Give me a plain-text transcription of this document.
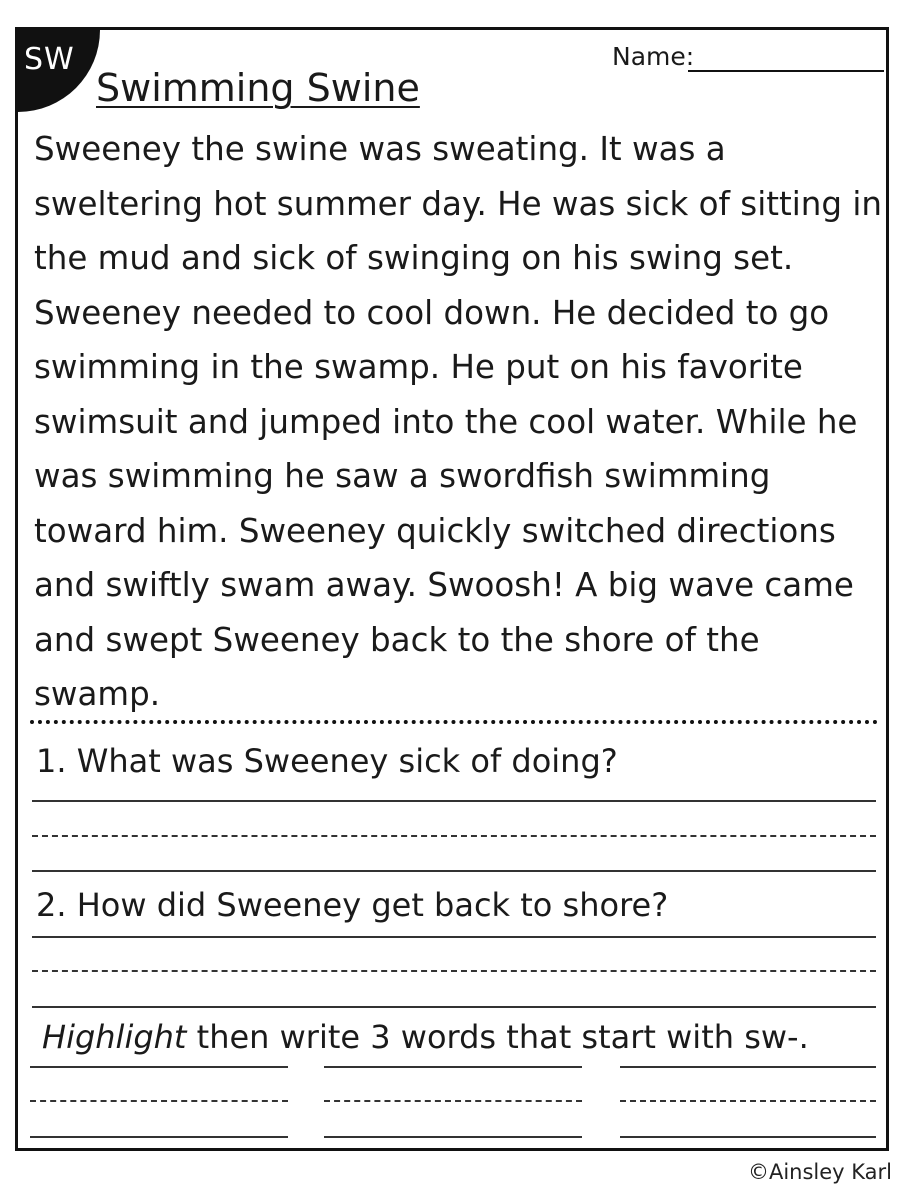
SW
Swimming Swine
Name:

Sweeney the swine was sweating. It was a sweltering hot summer day. He was sick of sitting in the mud and sick of swinging on his swing set. Sweeney needed to cool down. He decided to go swimming in the swamp. He put on his favorite swimsuit and jumped into the cool water. While he was swimming he saw a swordfish swimming toward him. Sweeney quickly switched directions and swiftly swam away. Swoosh! A big wave came and swept Sweeney back to the shore of the swamp.

1. What was Sweeney sick of doing?
2. How did Sweeney get back to shore?
Highlight then write 3 words that start with sw-.
©Ainsley Karl
